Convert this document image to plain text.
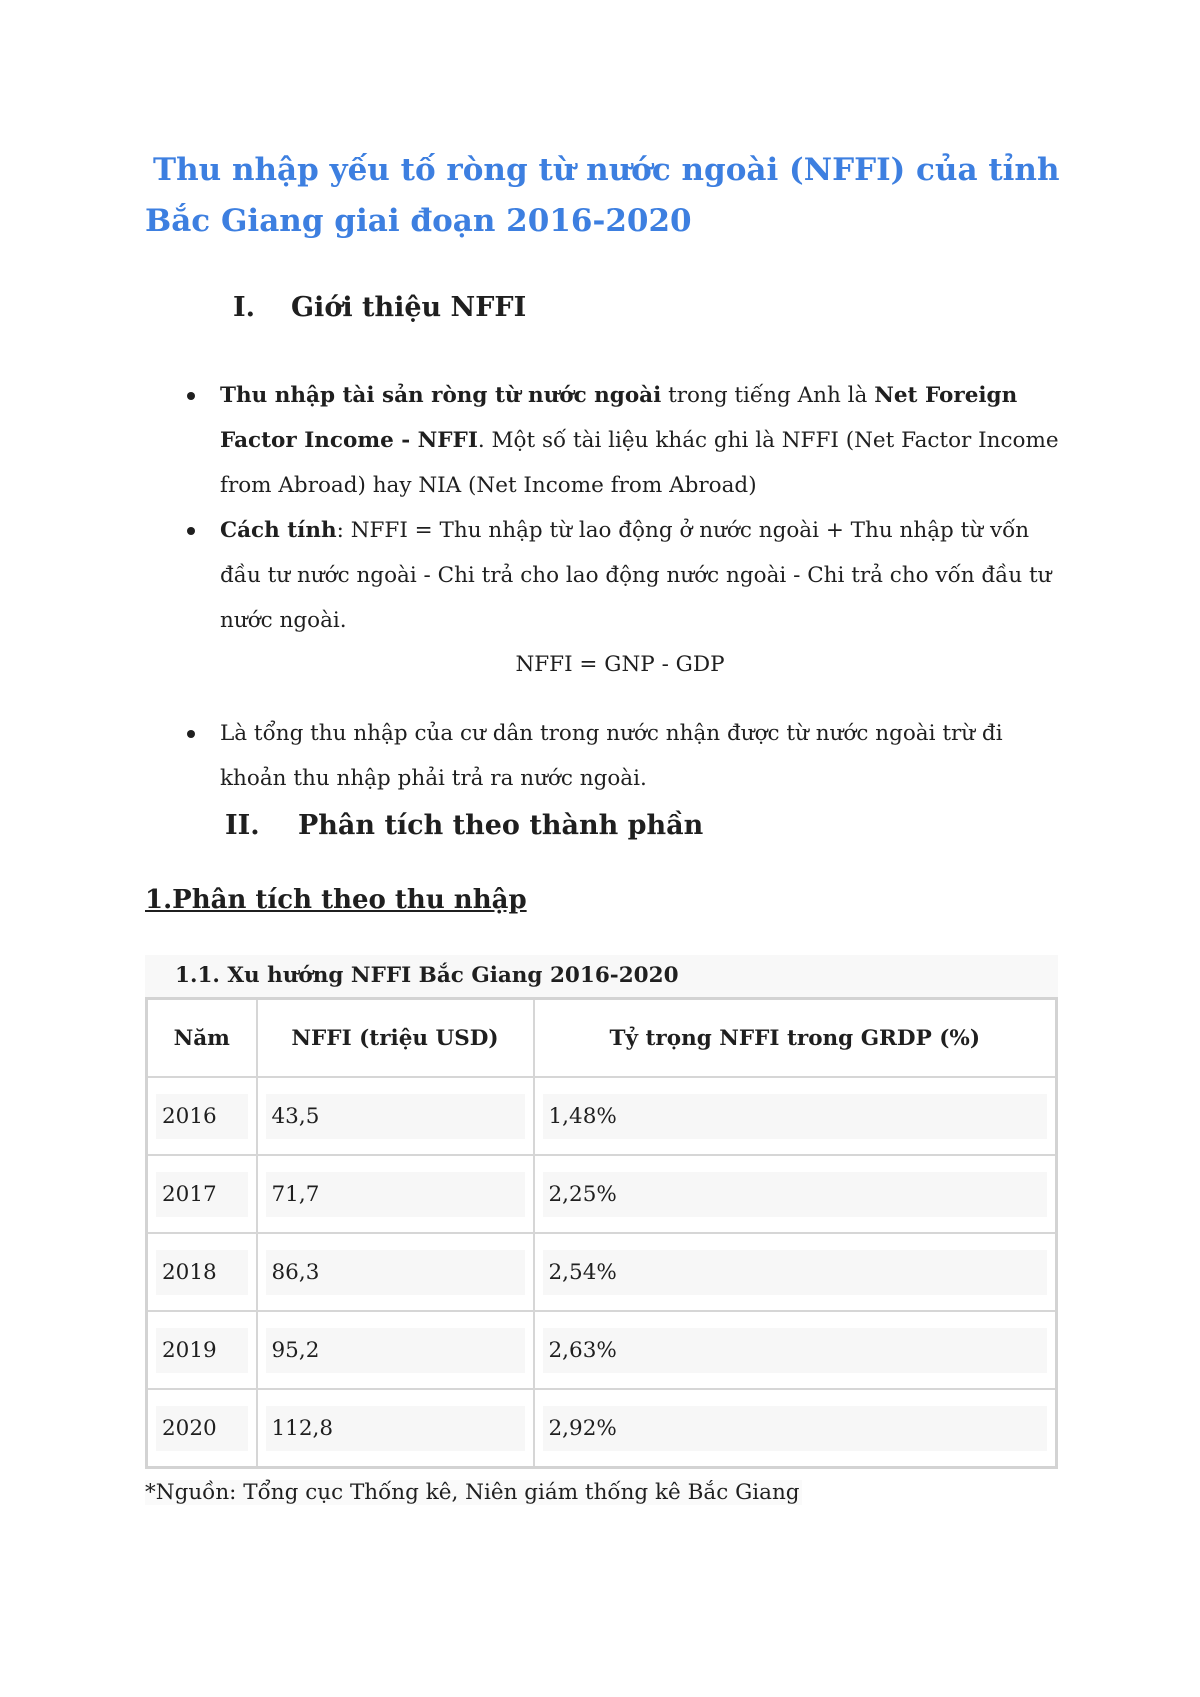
Thu nhập yếu tố ròng từ nước ngoài (NFFI) của tỉnh
Bắc Giang giai đoạn 2016-2020
I. Giới thiệu NFFI
Thu nhập tài sản ròng từ nước ngoài trong tiếng Anh là Net Foreign Factor Income - NFFI. Một số tài liệu khác ghi là NFFI (Net Factor Income from Abroad) hay NIA (Net Income from Abroad)
Cách tính: NFFI = Thu nhập từ lao động ở nước ngoài + Thu nhập từ vốn đầu tư nước ngoài - Chi trả cho lao động nước ngoài - Chi trả cho vốn đầu tư nước ngoài.
NFFI = GNP - GDP
Là tổng thu nhập của cư dân trong nước nhận được từ nước ngoài trừ đi khoản thu nhập phải trả ra nước ngoài.
II. Phân tích theo thành phần
1.Phân tích theo thu nhập
1.1. Xu hướng NFFI Bắc Giang 2016-2020
Năm	NFFI (triệu USD)	Tỷ trọng NFFI trong GRDP (%)

2016	43,5	1,48%

2017	71,7	2,25%

2018	86,3	2,54%

2019	95,2	2,63%

2020	112,8	2,92%
*Nguồn: Tổng cục Thống kê, Niên giám thống kê Bắc Giang
